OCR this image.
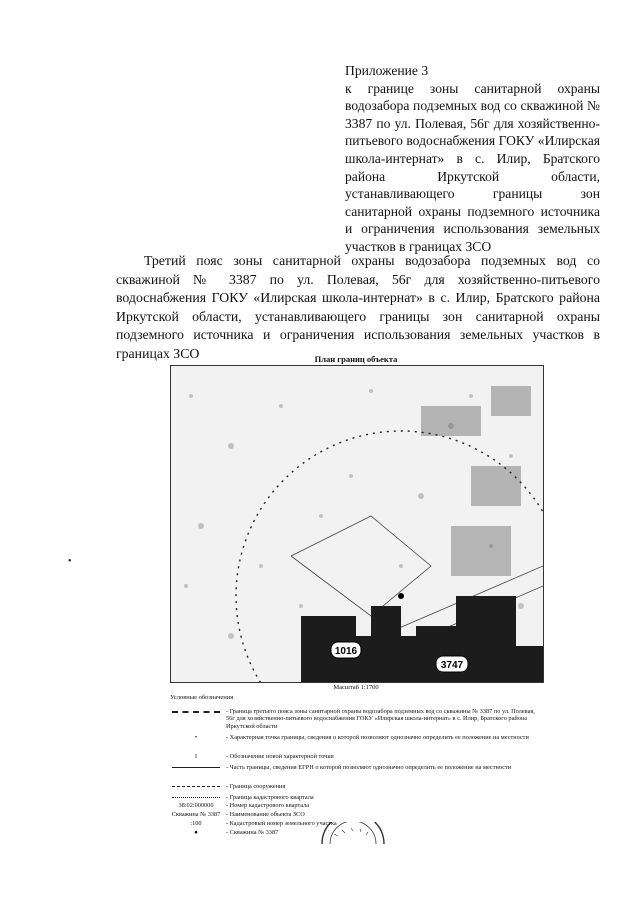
Приложение 3
к границе зоны санитарной охраны водозабора подземных вод со скважиной № 3387 по ул. Полевая, 56г для хозяйственно-питьевого водоснабжения ГОКУ «Илирская школа-интернат» в с. Илир, Братского района Иркутской области, устанавливающего границы зон санитарной охраны подземного источника и ограничения использования земельных участков в границах ЗСО
Третий пояс зоны санитарной охраны водозабора подземных вод со скважиной № 3387 по ул. Полевая, 56г для хозяйственно-питьевого водоснабжения ГОКУ «Илирская школа-интернат» в с. Илир, Братского района Иркутской области, устанавливающего границы зон санитарной охраны подземного источника и ограничения использования земельных участков в границах ЗСО
•
План границ объекта
1016
3747
Масштаб 1:1700
Условные обозначения
- Граница третьего пояса зоны санитарной охраны водозабора подземных вод со скважины № 3387 по ул. Полевая, 56г для хозяйственно-питьевого водоснабжения ГОКУ «Илирская школа-интернат» в с. Илир, Братского района Иркутской области
•	- Характерная точка границы, сведения о которой позволяют однозначно определить ее положение на местности
1	- Обозначение новой характерной точки
- Часть границы, сведения ЕГРН о которой позволяют однозначно определить ее положение на местности
- Граница сооружения
- Граница кадастрового квартала
38:02:000000	- Номер кадастрового квартала
Скважина № 3387 - Наименование объекта ЗСО
:100	- Кадастровый номер земельного участка
●	- Скважина № 3387
